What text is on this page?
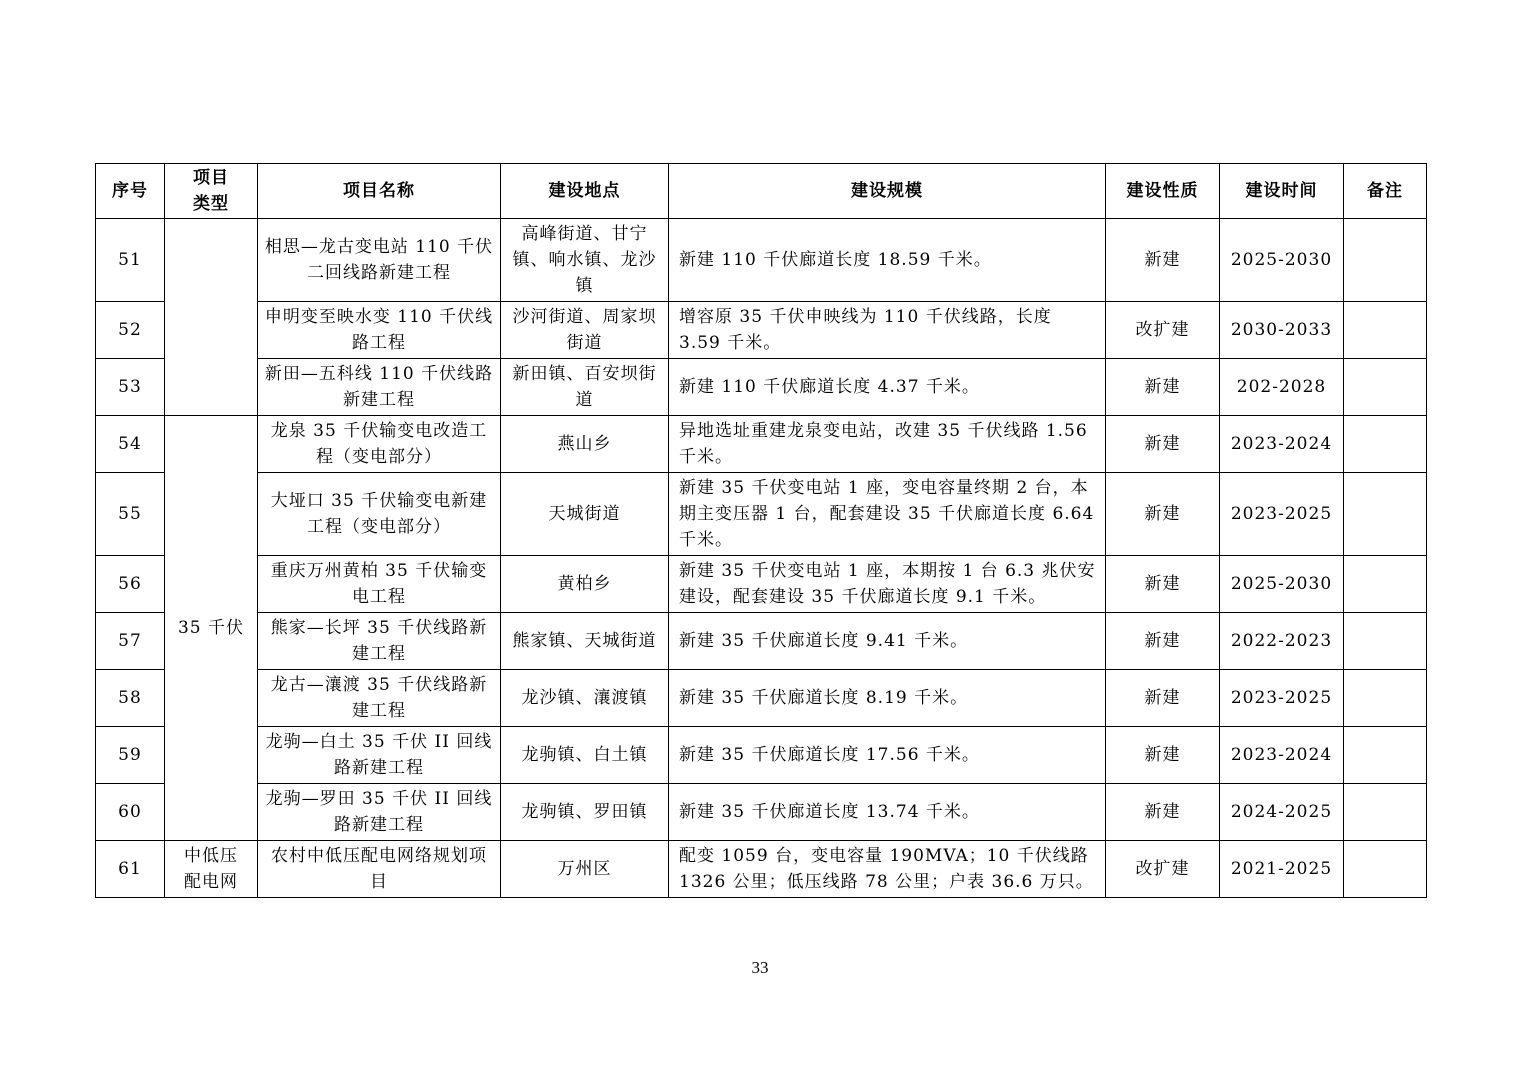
序号	项目类型	项目名称	建设地点	建设规模	建设性质	建设时间	备注
51		相思—龙古变电站 110 千伏二回线路新建工程	高峰街道、甘宁镇、响水镇、龙沙镇	新建 110 千伏廊道长度 18.59 千米。	新建	2025-2030	
52		申明变至映水变 110 千伏线路工程	沙河街道、周家坝街道	增容原 35 千伏申映线为 110 千伏线路，长度 3.59 千米。	改扩建	2030-2033	
53		新田—五科线 110 千伏线路新建工程	新田镇、百安坝街道	新建 110 千伏廊道长度 4.37 千米。	新建	202-2028	
54	35 千伏	龙泉 35 千伏输变电改造工程（变电部分）	燕山乡	异地选址重建龙泉变电站，改建 35 千伏线路 1.56 千米。	新建	2023-2024	
55		大垭口 35 千伏输变电新建工程（变电部分）	天城街道	新建 35 千伏变电站 1 座，变电容量终期 2 台，本期主变压器 1 台，配套建设 35 千伏廊道长度 6.64 千米。	新建	2023-2025	
56		重庆万州黄柏 35 千伏输变电工程	黄柏乡	新建 35 千伏变电站 1 座，本期按 1 台 6.3 兆伏安建设，配套建设 35 千伏廊道长度 9.1 千米。	新建	2025-2030	
57		熊家—长坪 35 千伏线路新建工程	熊家镇、天城街道	新建 35 千伏廊道长度 9.41 千米。	新建	2022-2023	
58		龙古—瀼渡 35 千伏线路新建工程	龙沙镇、瀼渡镇	新建 35 千伏廊道长度 8.19 千米。	新建	2023-2025	
59		龙驹—白土 35 千伏 II 回线路新建工程	龙驹镇、白土镇	新建 35 千伏廊道长度 17.56 千米。	新建	2023-2024	
60		龙驹—罗田 35 千伏 II 回线路新建工程	龙驹镇、罗田镇	新建 35 千伏廊道长度 13.74 千米。	新建	2024-2025	
61	中低压配电网	农村中低压配电网络规划项目	万州区	配变 1059 台，变电容量 190MVA；10 千伏线路 1326 公里；低压线路 78 公里；户表 36.6 万只。	改扩建	2021-2025	
33
